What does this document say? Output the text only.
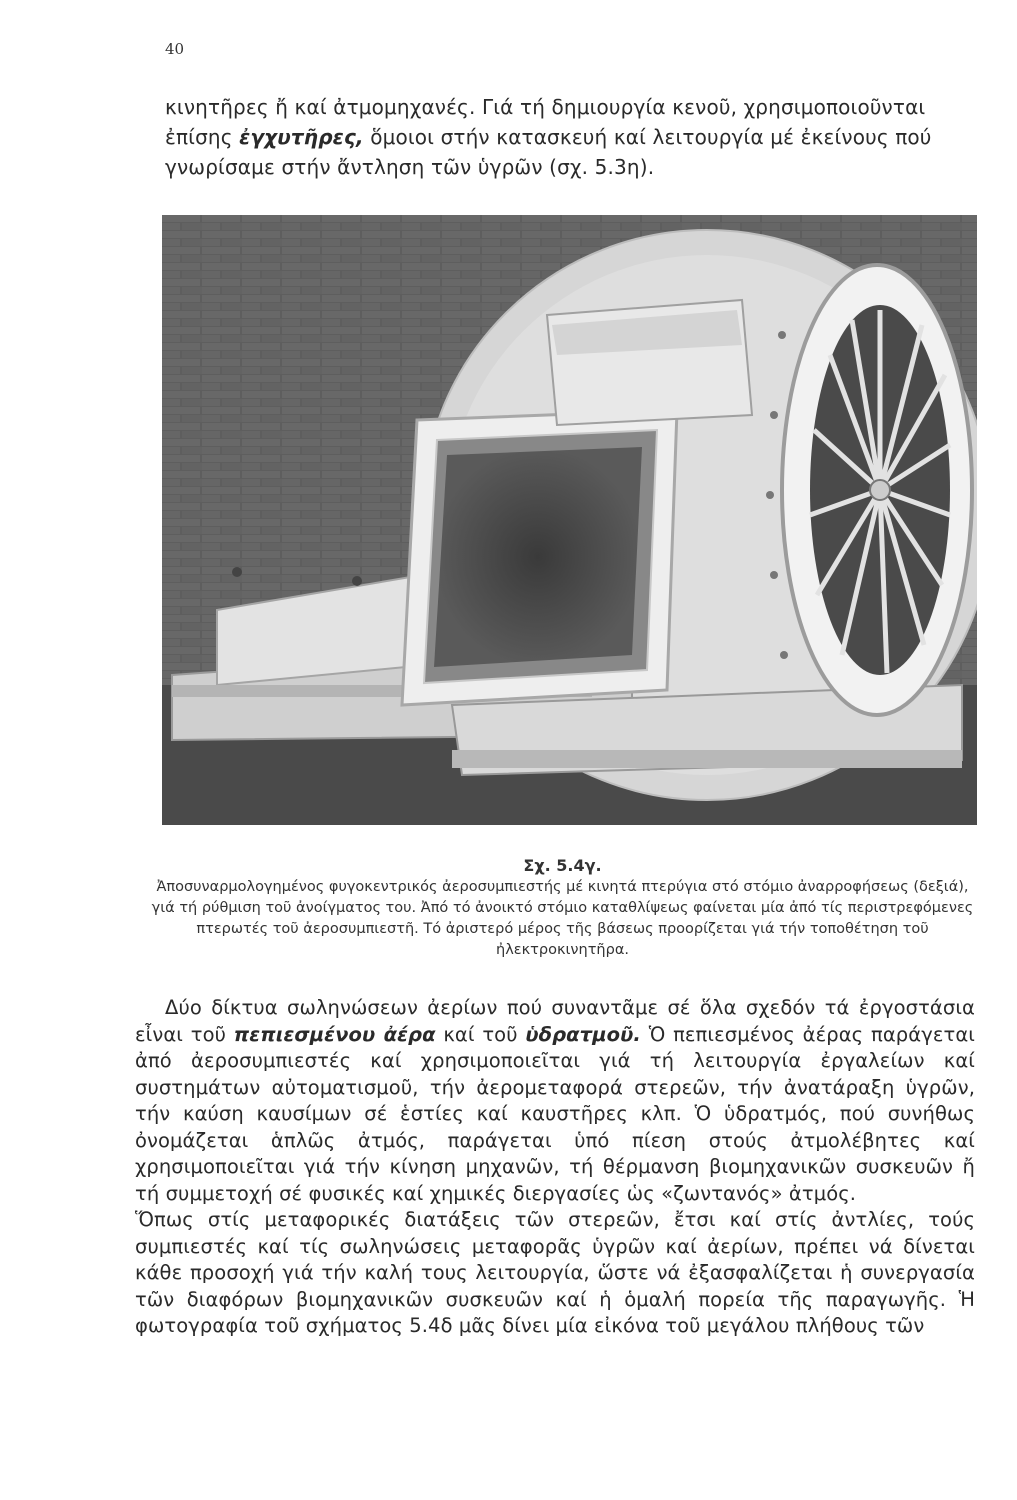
40

κινητῆρες ἤ καί ἀτμομηχανές. Γιά τή δημιουργία κενοῦ, χρησιμοποιοῦνται ἐπίσης ἐγχυτῆρες, ὅμοιοι στήν κατασκευή καί λειτουργία μέ ἐκείνους πού γνωρίσαμε στήν ἄντληση τῶν ὑγρῶν (σχ. 5.3η).

Σχ. 5.4γ.
Ἀποσυναρμολογημένος φυγοκεντρικός ἀεροσυμπιεστής μέ κινητά πτερύγια στό στόμιο ἀναρροφήσεως (δεξιά), γιά τή ρύθμιση τοῦ ἀνοίγματος του. Ἀπό τό ἀνοικτό στόμιο καταθλίψεως φαίνεται μία ἀπό τίς περιστρεφόμενες πτερωτές τοῦ ἀεροσυμπιεστῆ. Τό ἀριστερό μέρος τῆς βάσεως προορίζεται γιά τήν τοποθέτηση τοῦ ἠλεκτροκινητῆρα.

Δύο δίκτυα σωληνώσεων ἀερίων πού συναντᾶμε σέ ὅλα σχεδόν τά ἐργοστάσια εἶναι τοῦ πεπιεσμένου ἀέρα καί τοῦ ὑδρατμοῦ. Ὁ πεπιεσμένος ἀέρας παράγεται ἀπό ἀεροσυμπιεστές καί χρησιμοποιεῖται γιά τή λειτουργία ἐργαλείων καί συστημάτων αὐτοματισμοῦ, τήν ἀερομεταφορά στερεῶν, τήν ἀνατάραξη ὑγρῶν, τήν καύση καυσίμων σέ ἑστίες καί καυστῆρες κλπ. Ὁ ὑδρατμός, πού συνήθως ὀνομάζεται ἁπλῶς ἀτμός, παράγεται ὑπό πίεση στούς ἀτμολέβητες καί χρησιμοποιεῖται γιά τήν κίνηση μηχανῶν, τή θέρμανση βιομηχανικῶν συσκευῶν ἤ τή συμμετοχή σέ φυσικές καί χημικές διεργασίες ὡς «ζωντανός» ἀτμός.

Ὅπως στίς μεταφορικές διατάξεις τῶν στερεῶν, ἔτσι καί στίς ἀντλίες, τούς συμπιεστές καί τίς σωληνώσεις μεταφορᾶς ὑγρῶν καί ἀερίων, πρέπει νά δίνεται κάθε προσοχή γιά τήν καλή τους λειτουργία, ὥστε νά ἐξασφαλίζεται ἡ συνεργασία τῶν διαφόρων βιομηχανικῶν συσκευῶν καί ἡ ὁμαλή πορεία τῆς παραγωγῆς. Ἡ φωτογραφία τοῦ σχήματος 5.4δ μᾶς δίνει μία εἰκόνα τοῦ μεγάλου πλήθους τῶν
